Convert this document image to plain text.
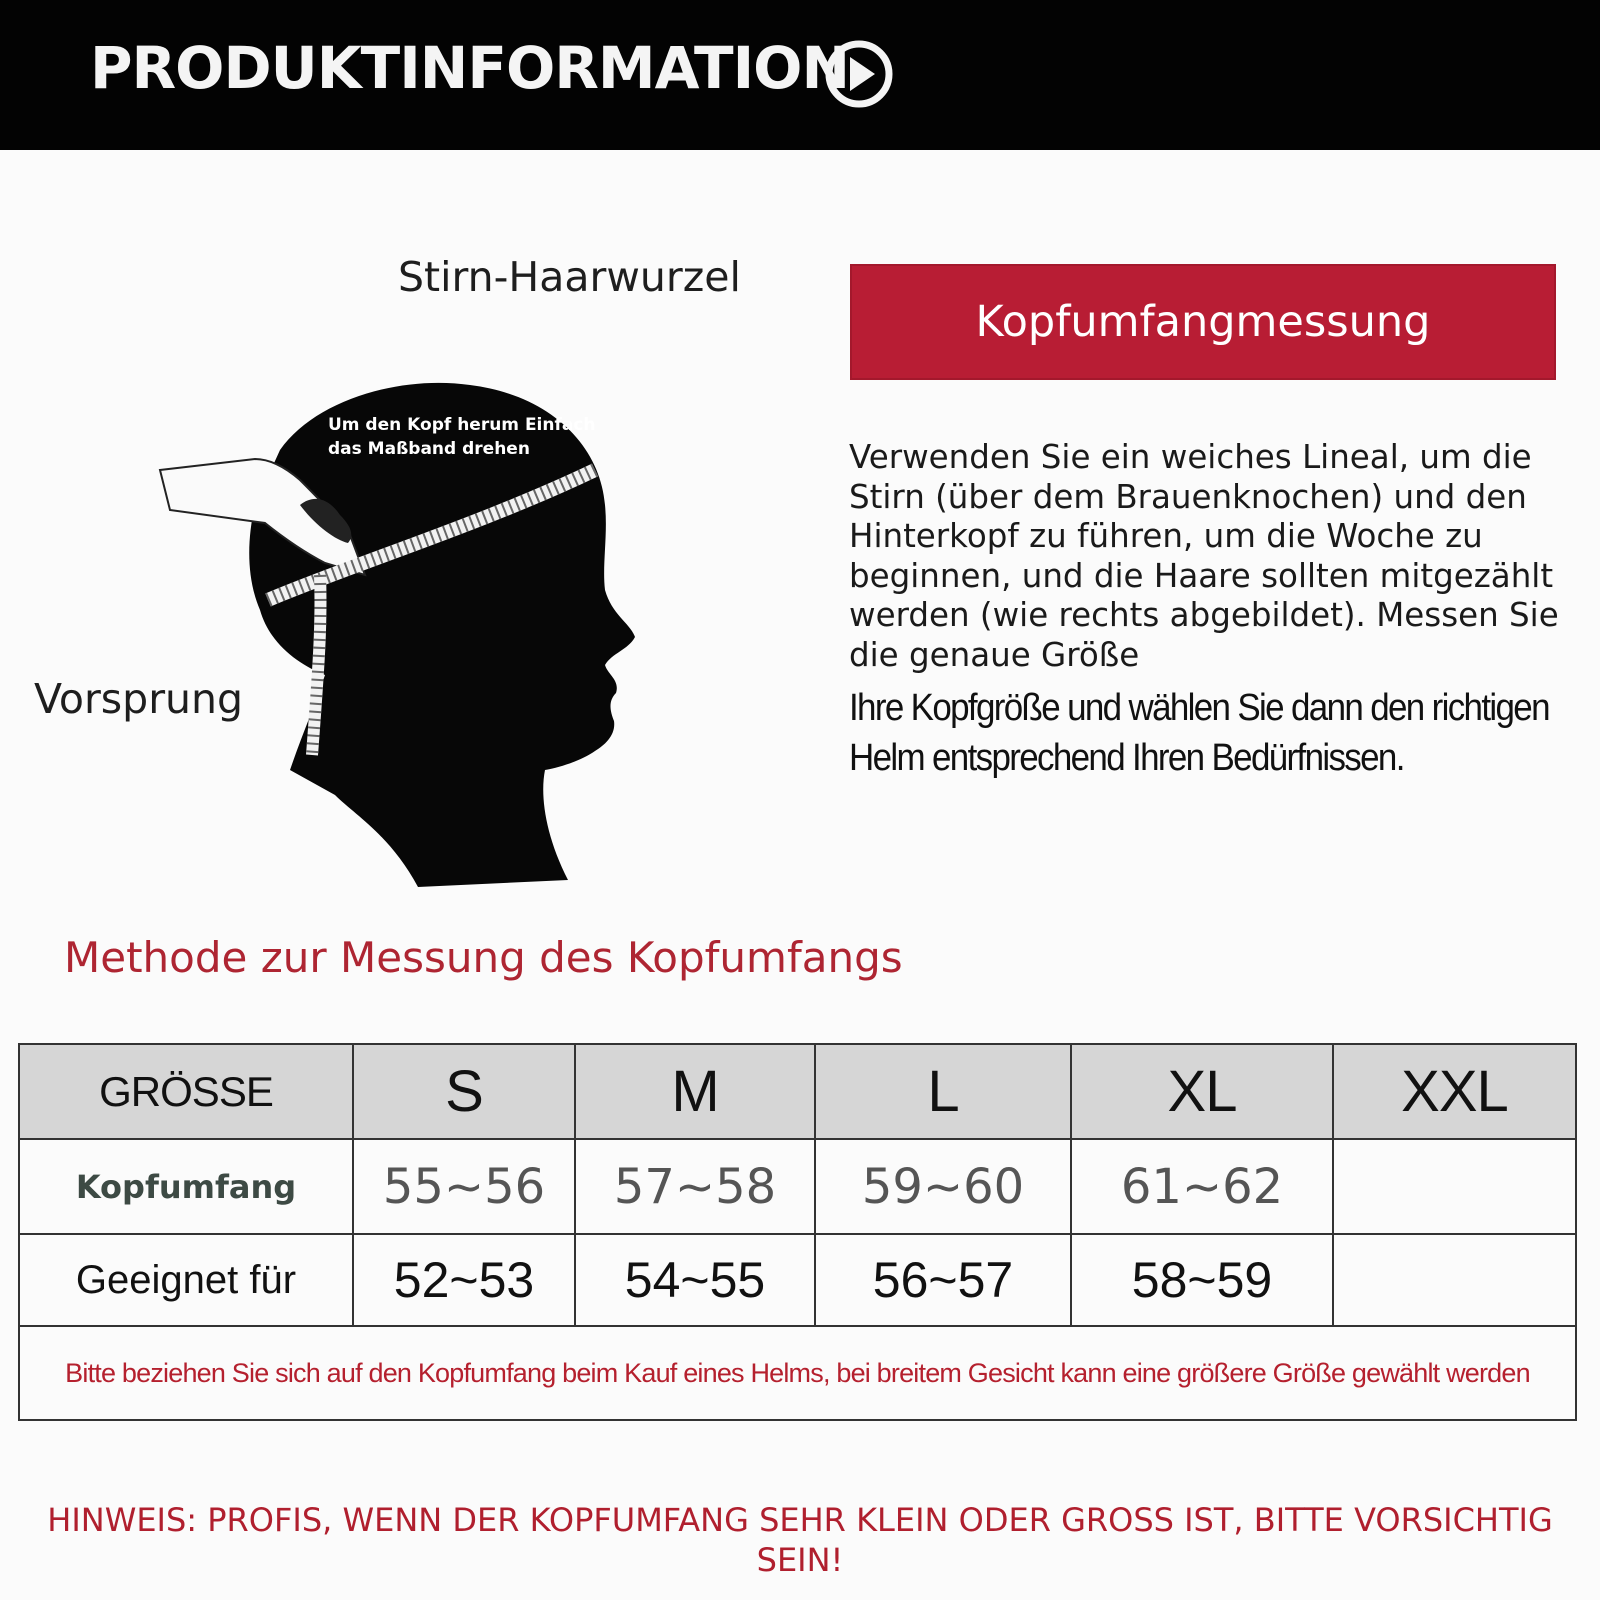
PRODUKTINFORMATION
Stirn-Haarwurzel
Vorsprung
Um den Kopf herum Einfach
das Maßband drehen
Kopfumfangmessung
Verwenden Sie ein weiches Lineal, um die Stirn (über dem Brauenknochen) und den Hinterkopf zu führen, um die Woche zu beginnen, und die Haare sollten mitgezählt werden (wie rechts abgebildet). Messen Sie die genaue Größe
Ihre Kopfgröße und wählen Sie dann den richtigen Helm entsprechend Ihren Bedürfnissen.
Methode zur Messung des Kopfumfangs
GRÖSSE	S	M	L	XL	XXL
Kopfumfang	55~56	57~58	59~60	61~62	
Geeignet für	52~53	54~55	56~57	58~59	
Bitte beziehen Sie sich auf den Kopfumfang beim Kauf eines Helms, bei breitem Gesicht kann eine größere Größe gewählt werden					
HINWEIS: PROFIS, WENN DER KOPFUMFANG SEHR KLEIN ODER GROSS IST, BITTE VORSICHTIG SEIN!
